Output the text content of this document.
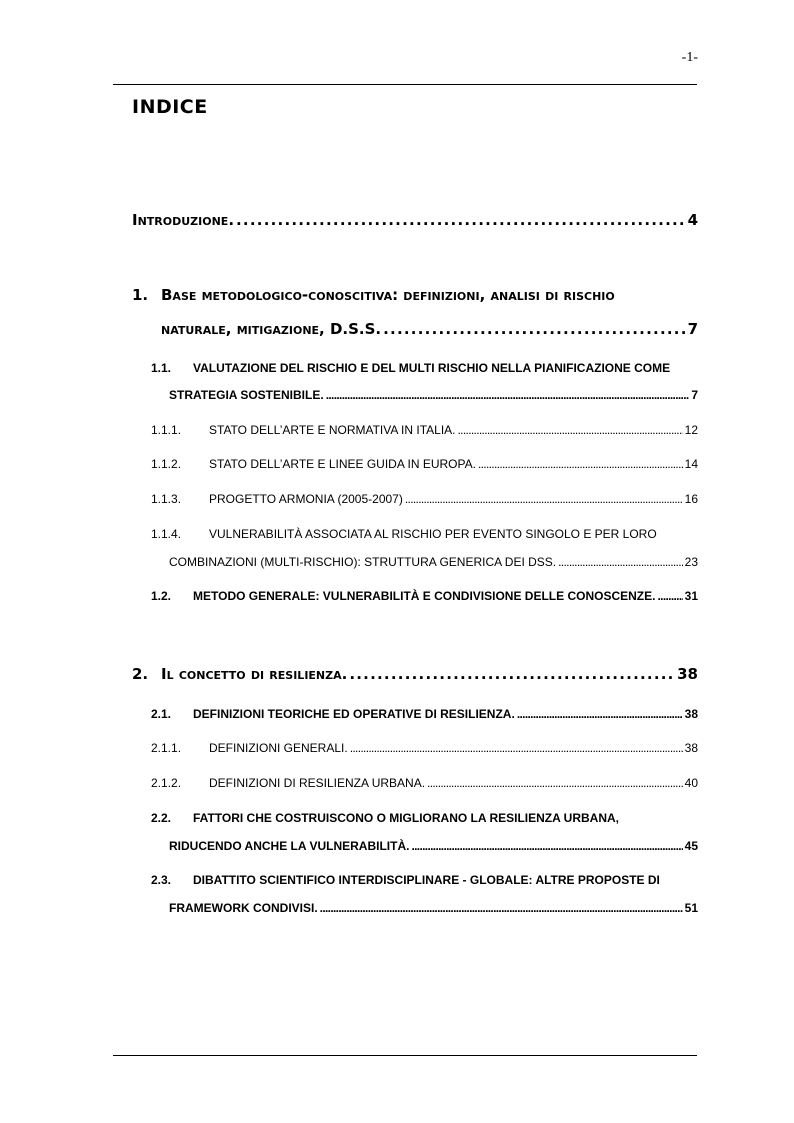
-1-
INDICE
Introduzione. . . .	4
1. Base metodologico-conoscitiva: definizioni, analisi di rischio
naturale, mitigazione, D.S.S. . . .	7
1.1.	VALUTAZIONE DEL RISCHIO E DEL MULTI RISCHIO NELLA PIANIFICAZIONE COME
STRATEGIA SOSTENIBILE. . . .	7
1.1.1.	STATO DELL’ARTE E NORMATIVA IN ITALIA. . . .	12
1.1.2.	STATO DELL’ARTE E LINEE GUIDA IN EUROPA. . . .	14
1.1.3.	PROGETTO ARMONIA (2005-2007) . . .	16
1.1.4.	VULNERABILITÀ ASSOCIATA AL RISCHIO PER EVENTO SINGOLO E PER LORO
COMBINAZIONI (MULTI-RISCHIO): STRUTTURA GENERICA DEI DSS. . . .	23
1.2.	METODO GENERALE: VULNERABILITÀ E CONDIVISIONE DELLE CONOSCENZE. . . . 31
2. Il concetto di resilienza. . . .	38
2.1.	DEFINIZIONI TEORICHE ED OPERATIVE DI RESILIENZA. . . .	38
2.1.1.	DEFINIZIONI GENERALI. . . .	38
2.1.2.	DEFINIZIONI DI RESILIENZA URBANA. . . .	40
2.2.	FATTORI CHE COSTRUISCONO O MIGLIORANO LA RESILIENZA URBANA,
RIDUCENDO ANCHE LA VULNERABILITÀ. . . .	45
2.3.	DIBATTITO SCIENTIFICO INTERDISCIPLINARE - GLOBALE: ALTRE PROPOSTE DI
FRAMEWORK CONDIVISI. . . .	51
